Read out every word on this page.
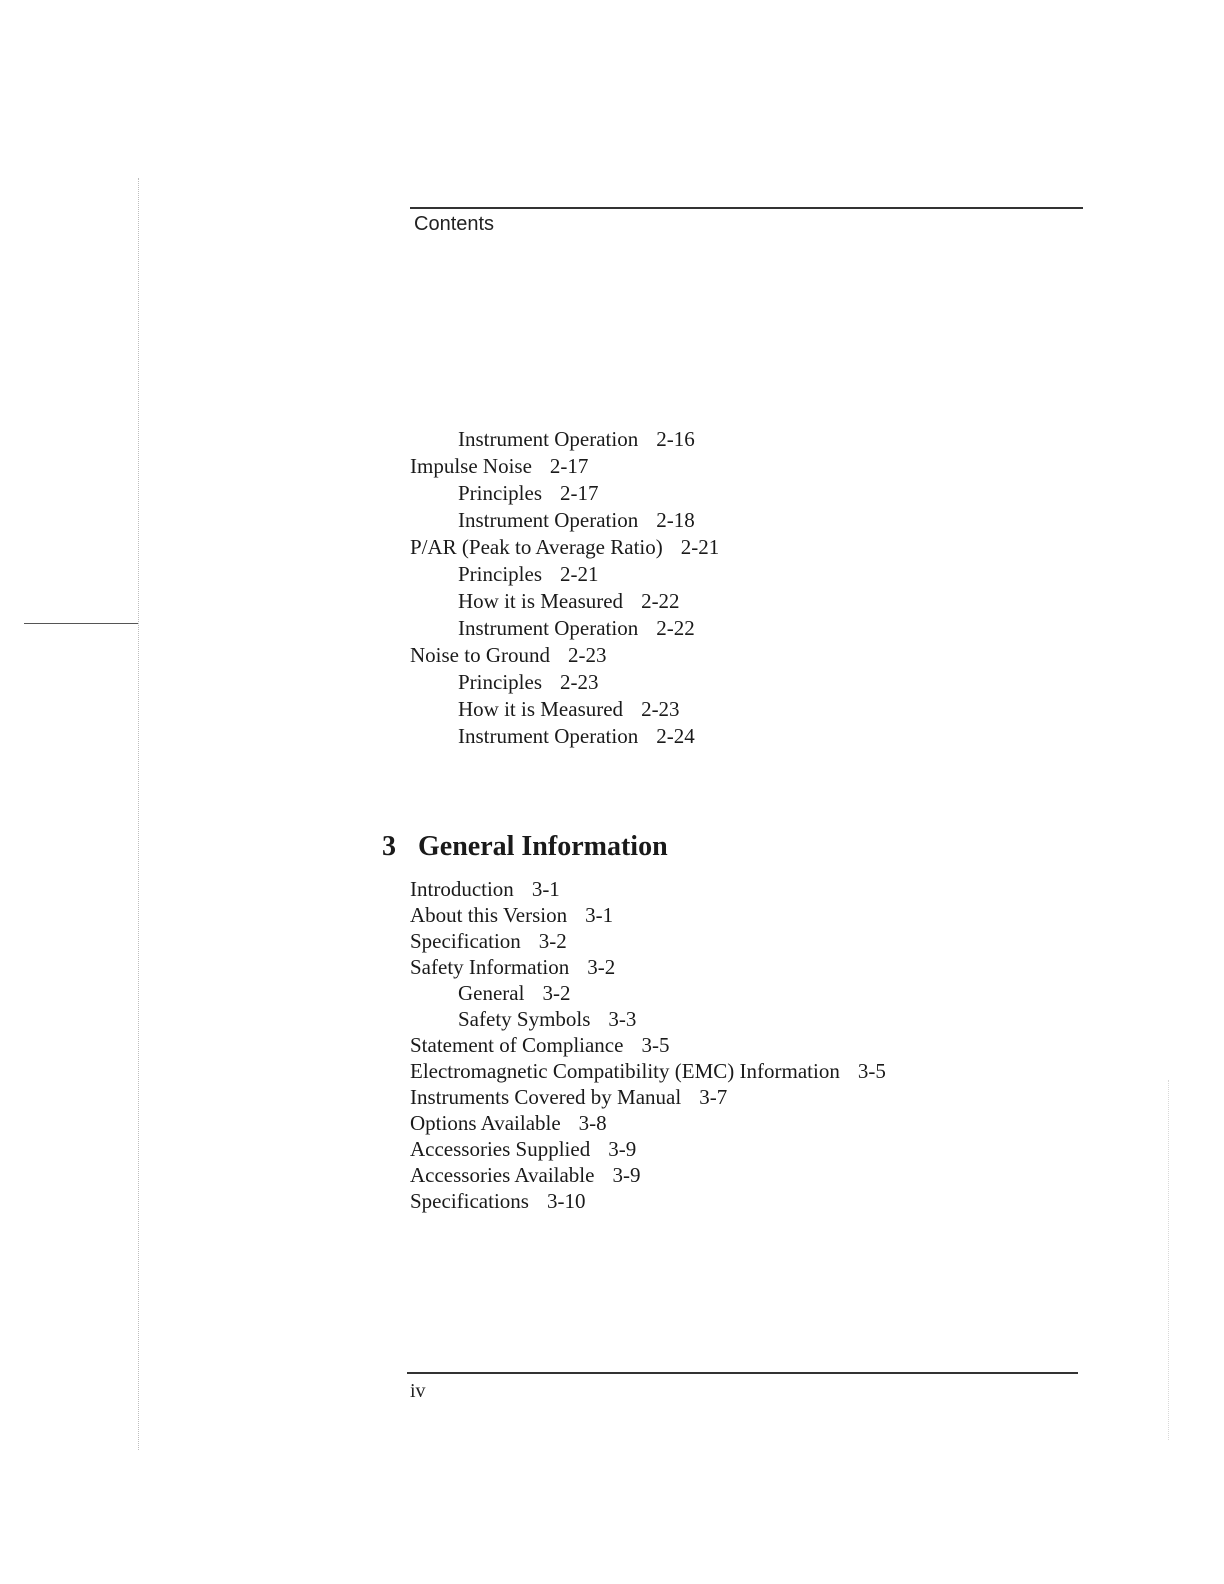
Contents
Instrument Operation 2-16
Impulse Noise 2-17
Principles 2-17
Instrument Operation 2-18
P/AR (Peak to Average Ratio) 2-21
Principles 2-21
How it is Measured 2-22
Instrument Operation 2-22
Noise to Ground 2-23
Principles 2-23
How it is Measured 2-23
Instrument Operation 2-24
3 General Information
Introduction 3-1
About this Version 3-1
Specification 3-2
Safety Information 3-2
General 3-2
Safety Symbols 3-3
Statement of Compliance 3-5
Electromagnetic Compatibility (EMC) Information 3-5
Instruments Covered by Manual 3-7
Options Available 3-8
Accessories Supplied 3-9
Accessories Available 3-9
Specifications 3-10
iv
